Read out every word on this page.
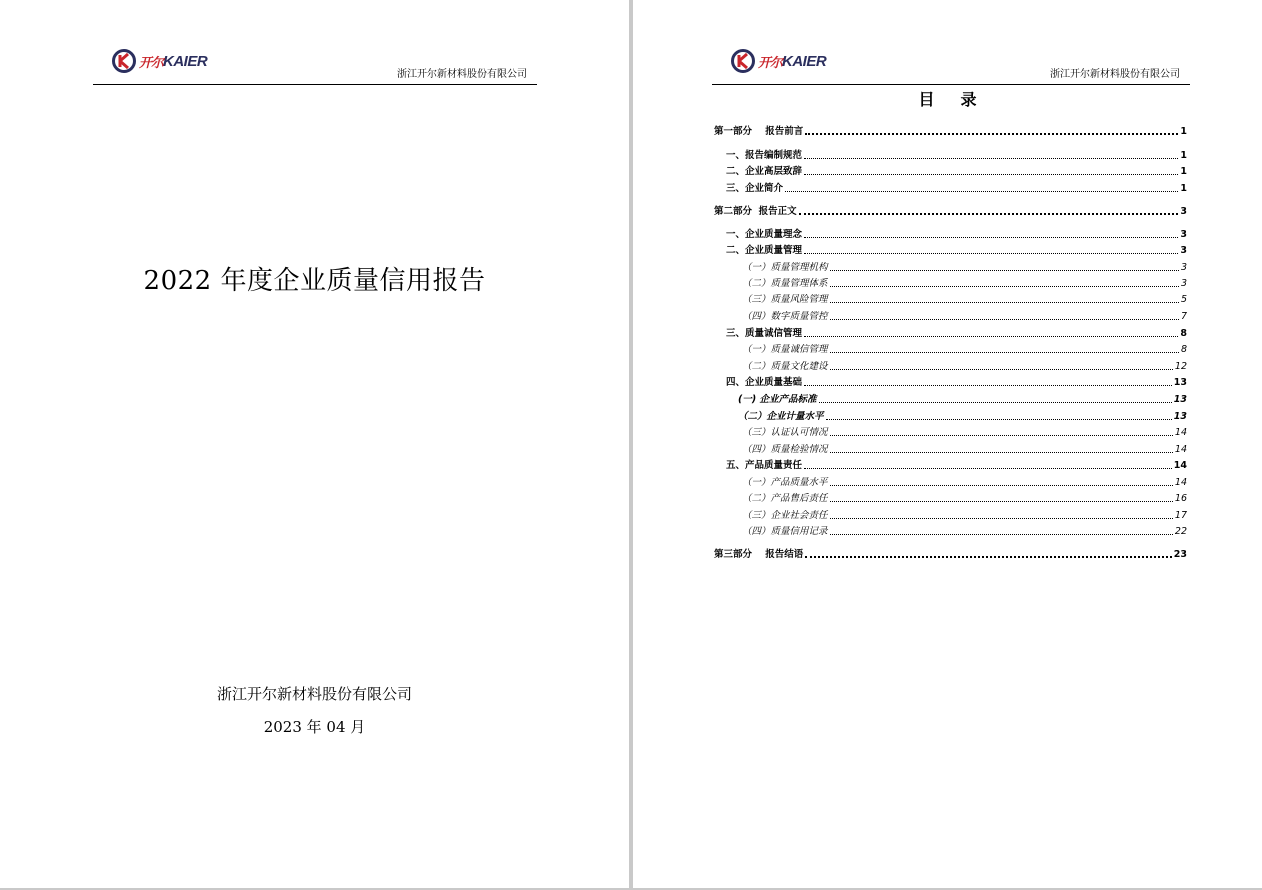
开尔 KAIER
浙江开尔新材料股份有限公司
2022 年度企业质量信用报告
浙江开尔新材料股份有限公司
2023 年 04 月
开尔 KAIER
浙江开尔新材料股份有限公司
目录
第一部分    报告前言	1
一、报告编制规范	1
二、企业高层致辞	1
三、企业简介	1
第二部分  报告正文	3
一、企业质量理念	3
二、企业质量管理	3
（一）质量管理机构	3
（二）质量管理体系	3
（三）质量风险管理	5
（四）数字质量管控	7
三、质量诚信管理	8
（一）质量诚信管理	8
（二）质量文化建设	12
四、企业质量基础	13
(一) 企业产品标准	13
（二）企业计量水平	13
（三）认证认可情况	14
（四）质量检验情况	14
五、产品质量责任	14
（一）产品质量水平	14
（二）产品售后责任	16
（三）企业社会责任	17
（四）质量信用记录	22
第三部分    报告结语	23
